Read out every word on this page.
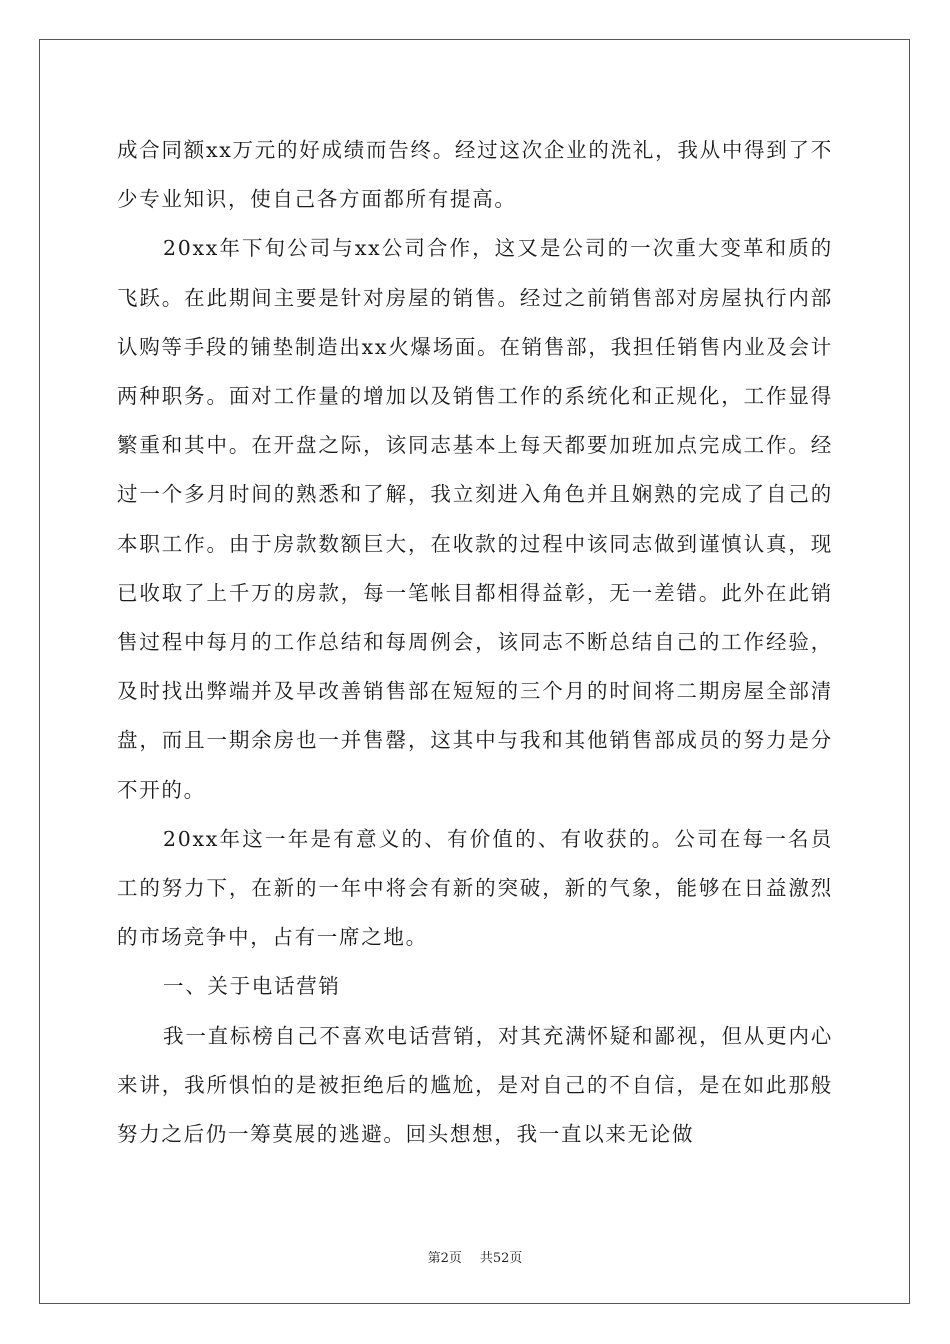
成合同额xx万元的好成绩而告终。经过这次企业的洗礼，我从中得到了不少专业知识，使自己各方面都所有提高。

20xx年下旬公司与xx公司合作，这又是公司的一次重大变革和质的飞跃。在此期间主要是针对房屋的销售。经过之前销售部对房屋执行内部认购等手段的铺垫制造出xx火爆场面。在销售部，我担任销售内业及会计两种职务。面对工作量的增加以及销售工作的系统化和正规化，工作显得繁重和其中。在开盘之际，该同志基本上每天都要加班加点完成工作。经过一个多月时间的熟悉和了解，我立刻进入角色并且娴熟的完成了自己的本职工作。由于房款数额巨大，在收款的过程中该同志做到谨慎认真，现已收取了上千万的房款，每一笔帐目都相得益彰，无一差错。此外在此销售过程中每月的工作总结和每周例会，该同志不断总结自己的工作经验，及时找出弊端并及早改善销售部在短短的三个月的时间将二期房屋全部清盘，而且一期余房也一并售罄，这其中与我和其他销售部成员的努力是分不开的。

20xx年这一年是有意义的、有价值的、有收获的。公司在每一名员工的努力下，在新的一年中将会有新的突破，新的气象，能够在日益激烈的市场竞争中，占有一席之地。

一、关于电话营销

我一直标榜自己不喜欢电话营销，对其充满怀疑和鄙视，但从更内心来讲，我所惧怕的是被拒绝后的尴尬，是对自己的不自信，是在如此那般努力之后仍一筹莫展的逃避。回头想想，我一直以来无论做

第2页 共52页
